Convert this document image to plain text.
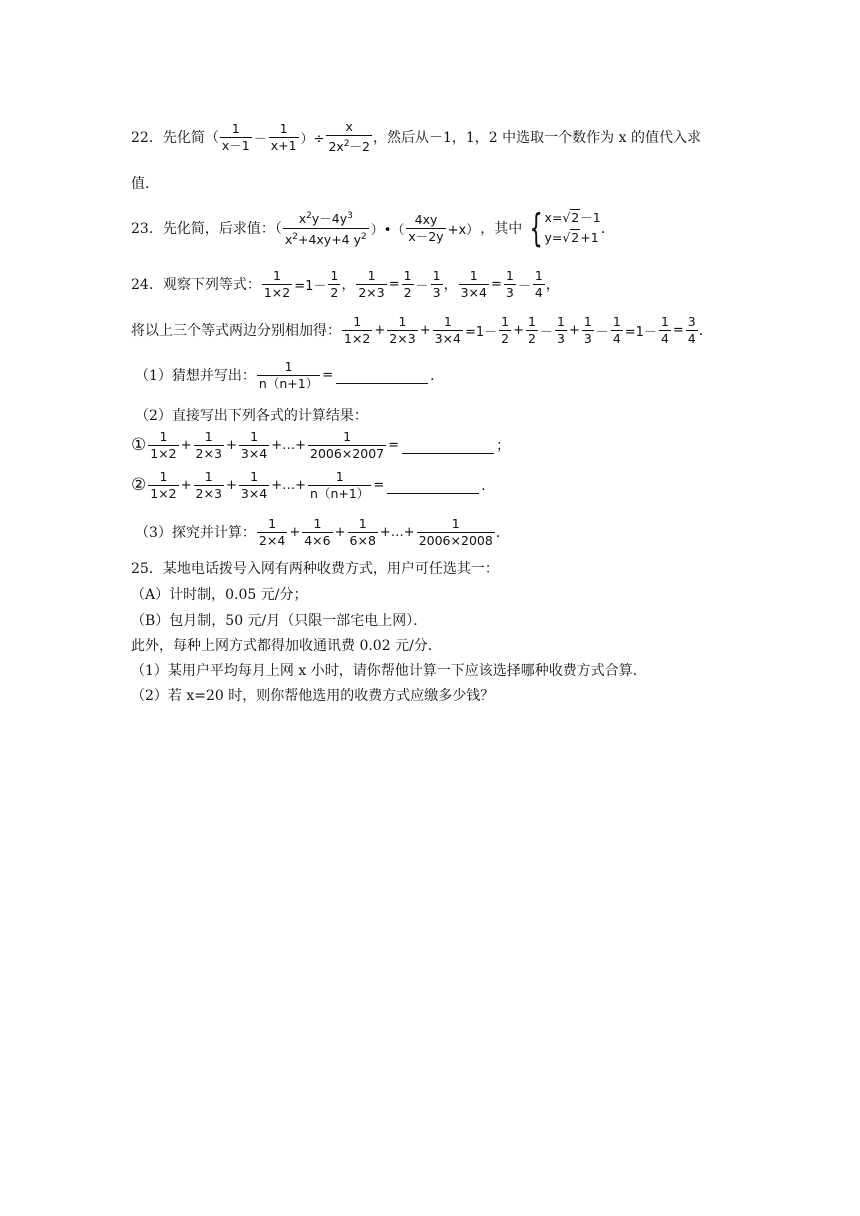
22． 先化简（ $\frac{1}{x-1} - \frac{1}{x+1}$ ）÷ $\frac{x}{2x^2-2}$ ，然后从－1，1，2 中选取一个数作为 x 的值代入求
值．
23． 先化简，后求值：（ $\frac{x^2y-4y^3}{x^2+4xy+4 y^2}$ ）•（ $\frac{4xy}{x-2y} +x$） ，其中 { x=√2－1
y=√2+1
．
24． 观察下列等式： $\frac{1}{1\times 2} =1- \frac{1}{2}$ ， $\frac{1}{2\times 3} = \frac{1}{2} - \frac{1}{3}$ ， $\frac{1}{3\times 4} = \frac{1}{3} - \frac{1}{4}$ ，
将以上三个等式两边分别相加得： $\frac{1}{1\times 2} + \frac{1}{2\times 3} + \frac{1}{3\times 4} =1- \frac{1}{2} + \frac{1}{2} - \frac{1}{3} + \frac{1}{3} - \frac{1}{4} =1- \frac{1}{4} = \frac{3}{4}$ ．
（1）猜想并写出： $\frac{1}{n(n+1)}$ =	．
（2）直接写出下列各式的计算结果：
① $\frac{1}{1\times 2} + \frac{1}{2\times 3} + \frac{1}{3\times 4}$ +…+ $\frac{1}{2006\times 2007}$ =	；
② $\frac{1}{1\times 2} + \frac{1}{2\times 3} + \frac{1}{3\times 4}$ +…+ $\frac{1}{n(n+1)}$ =	．
（3）探究并计算： $\frac{1}{2\times 4} + \frac{1}{4\times 6} + \frac{1}{6\times 8}$ +…+ $\frac{1}{2006\times 2008}$ ．
25．某地电话拨号入网有两种收费方式，用户可任选其一：
（A）计时制，0.05 元/分；
（B）包月制，50 元/月（只限一部宅电上网）．
此外，每种上网方式都得加收通讯费 0.02 元/分．
（1）某用户平均每月上网 x 小时，请你帮他计算一下应该选择哪种收费方式合算．
（2）若 x=20 时，则你帮他选用的收费方式应缴多少钱？
